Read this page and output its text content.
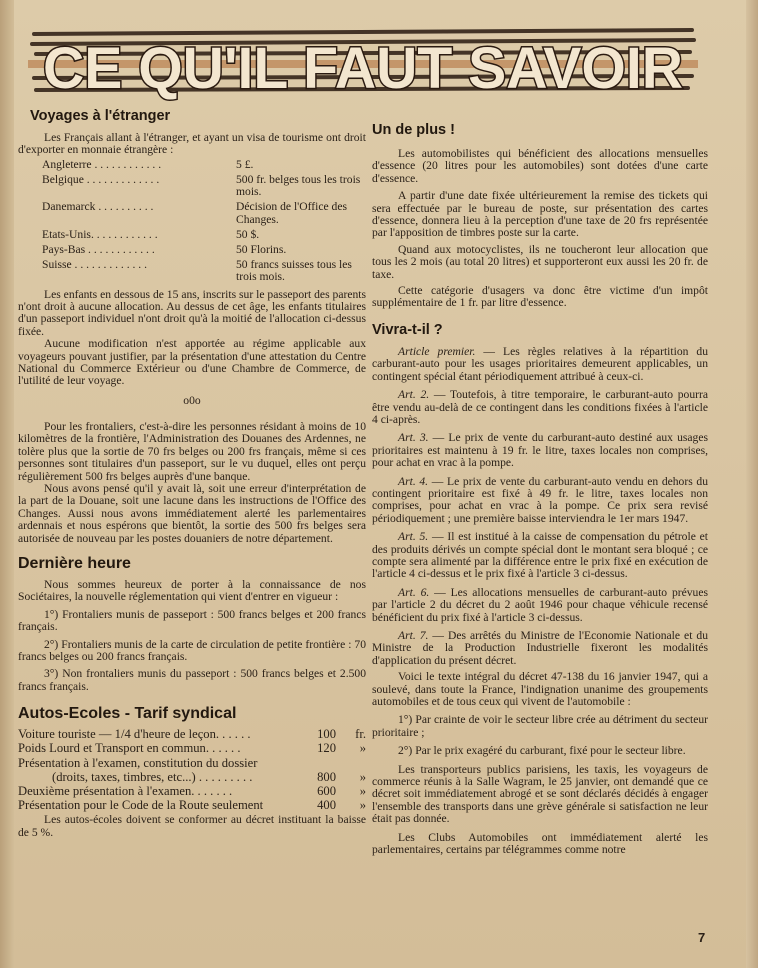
CE QU'IL FAUT SAVOIR
Voyages à l'étranger

Les Français allant à l'étranger, et ayant un visa de tourisme ont droit d'exporter en monnaie étrangère :

Angleterre . . . . . . . . . . . .	5 £.
Belgique . . . . . . . . . . . . .	500 fr. belges tous les trois mois.
Danemarck . . . . . . . . . .	Décision de l'Office des Changes.
Etats-Unis. . . . . . . . . . . .	50 $.
Pays-Bas . . . . . . . . . . . .	50 Florins.
Suisse . . . . . . . . . . . . .	50 francs suisses tous les trois mois.

Les enfants en dessous de 15 ans, inscrits sur le passeport des parents n'ont droit à aucune allocation. Au dessus de cet âge, les enfants titulaires d'un passeport individuel n'ont droit qu'à la moitié de l'allocation ci-dessus fixée.

Aucune modification n'est apportée au régime applicable aux voyageurs pouvant justifier, par la présentation d'une attestation du Centre National du Commerce Extérieur ou d'une Chambre de Commerce, de l'utilité de leur voyage.

o0o

Pour les frontaliers, c'est-à-dire les personnes résidant à moins de 10 kilomètres de la frontière, l'Administration des Douanes des Ardennes, ne tolère plus que la sortie de 70 frs belges ou 200 frs français, même si ces personnes sont titulaires d'un passeport, sur le vu duquel, elles ont perçu régulièrement 500 frs belges auprès d'une banque.

Nous avons pensé qu'il y avait là, soit une erreur d'interprétation de la part de la Douane, soit une lacune dans les instructions de l'Office des Changes. Aussi nous avons immédiatement alerté les parlementaires ardennais et nous espérons que bientôt, la sortie des 500 frs belges sera autorisée de nouveau par les postes douaniers de notre département.

Dernière heure

Nous sommes heureux de porter à la connaissance de nos Sociétaires, la nouvelle réglementation qui vient d'entrer en vigueur :

1°) Frontaliers munis de passeport : 500 francs belges et 200 francs français.

2°) Frontaliers munis de la carte de circulation de petite frontière : 70 francs belges ou 200 francs français.

3°) Non frontaliers munis du passeport : 500 francs belges et 2.500 francs français.

Autos-Ecoles - Tarif syndical
Voiture touriste — 1/4 d'heure de leçon. . . . . .	100	fr.
Poids Lourd et Transport en commun. . . . . .	120	»
Présentation à l'examen, constitution du dossier
(droits, taxes, timbres, etc...) . . . . . . . . .	800	»
Deuxième présentation à l'examen. . . . . . .	600	»
Présentation pour le Code de la Route seulement	400	»

Les autos-écoles doivent se conformer au décret instituant la baisse de 5 %.

Un de plus !

Les automobilistes qui bénéficient des allocations mensuelles d'essence (20 litres pour les automobiles) sont dotées d'une carte d'essence.

A partir d'une date fixée ultérieurement la remise des tickets qui sera effectuée par le bureau de poste, sur présentation des cartes d'essence, donnera lieu à la perception d'une taxe de 20 frs représentée par l'apposition de timbres poste sur la carte.

Quand aux motocyclistes, ils ne toucheront leur allocation que tous les 2 mois (au total 20 litres) et supporteront eux aussi les 20 fr. de taxe.

Cette catégorie d'usagers va donc être victime d'un impôt supplémentaire de 1 fr. par litre d'essence.

Vivra-t-il ?

Article premier. — Les règles relatives à la répartition du carburant-auto pour les usages prioritaires demeurent applicables, un contingent spécial étant périodiquement attribué à ceux-ci.

Art. 2. — Toutefois, à titre temporaire, le carburant-auto pourra être vendu au-delà de ce contingent dans les conditions fixées à l'article 4 ci-après.

Art. 3. — Le prix de vente du carburant-auto destiné aux usages prioritaires est maintenu à 19 fr. le litre, taxes locales non comprises, pour achat en vrac à la pompe.

Art. 4. — Le prix de vente du carburant-auto vendu en dehors du contingent prioritaire est fixé à 49 fr. le litre, taxes locales non comprises, pour achat en vrac à la pompe. Ce prix sera revisé périodiquement ; une première baisse interviendra le 1er mars 1947.

Art. 5. — Il est institué à la caisse de compensation du pétrole et des produits dérivés un compte spécial dont le montant sera bloqué ; ce compte sera alimenté par la différence entre le prix fixé en exécution de l'article 4 ci-dessus et le prix fixé à l'article 3 ci-dessus.

Art. 6. — Les allocations mensuelles de carburant-auto prévues par l'article 2 du décret du 2 août 1946 pour chaque véhicule recensé bénéficient du prix fixé à l'article 3 ci-dessus.

Art. 7. — Des arrêtés du Ministre de l'Economie Nationale et du Ministre de la Production Industrielle fixeront les modalités d'application du présent décret.

Voici le texte intégral du décret 47-138 du 16 janvier 1947, qui a soulevé, dans toute la France, l'indignation unanime des groupements automobiles et de tous ceux qui vivent de l'automobile :

1°) Par crainte de voir le secteur libre crée au détriment du secteur prioritaire ;

2°) Par le prix exagéré du carburant, fixé pour le secteur libre.

Les transporteurs publics parisiens, les taxis, les voyageurs de commerce réunis à la Salle Wagram, le 25 janvier, ont demandé que ce décret soit immédiatement abrogé et se sont déclarés décidés à engager l'ensemble des transports dans une grève générale si satisfaction ne leur était pas donnée.

Les Clubs Automobiles ont immédiatement alerté les parlementaires, certains par télégrammes comme notre

7
